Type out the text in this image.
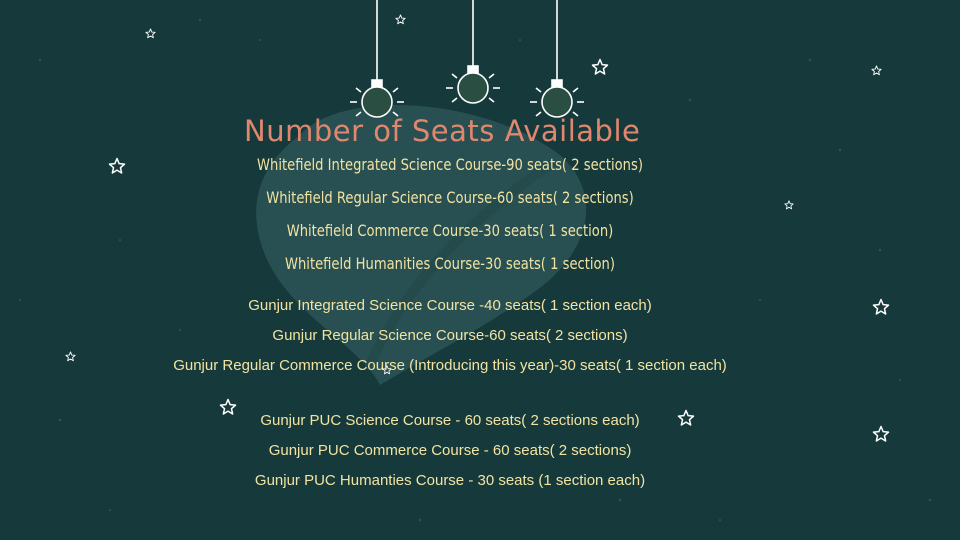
Number of Seats Available
Whitefield Integrated Science Course-90 seats( 2 sections)
Whitefield Regular Science Course-60 seats( 2 sections)
Whitefield Commerce Course-30 seats( 1 section)
Whitefield Humanities Course-30 seats( 1 section)
Gunjur Integrated Science Course -40 seats( 1 section each)
Gunjur Regular Science Course-60 seats( 2 sections)
Gunjur Regular Commerce Course (Introducing this year)-30 seats( 1 section each)
Gunjur PUC Science Course - 60 seats( 2 sections each)
Gunjur PUC Commerce Course - 60 seats( 2 sections)
Gunjur PUC Humanties Course - 30 seats (1 section each)
